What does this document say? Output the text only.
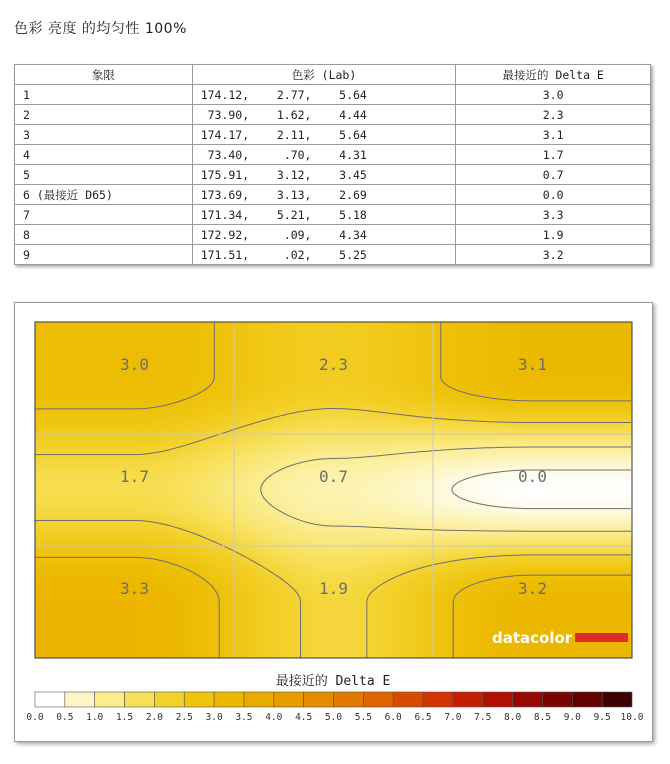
色彩 亮度 的均匀性 100%
象限	色彩 (Lab)	最接近的 Delta E
1	174.12,    2.77,    5.64	3.0
2	73.90,    1.62,    4.44	2.3
3	174.17,    2.11,    5.64	3.1
4	73.40,     .70,    4.31	1.7
5	175.91,    3.12,    3.45	0.7
6 (最接近 D65)	173.69,    3.13,    2.69	0.0
7	171.34,    5.21,    5.18	3.3
8	172.92,     .09,    4.34	1.9
9	171.51,     .02,    5.25	3.2
3.0	2.3	3.1
1.7	0.7	0.0
3.3	1.9	3.2
datacolor
最接近的 Delta E
0.0 0.5 1.0 1.5 2.0 2.5 3.0 3.5 4.0 4.5 5.0 5.5 6.0 6.5 7.0 7.5 8.0 8.5 9.0 9.5 10.0
